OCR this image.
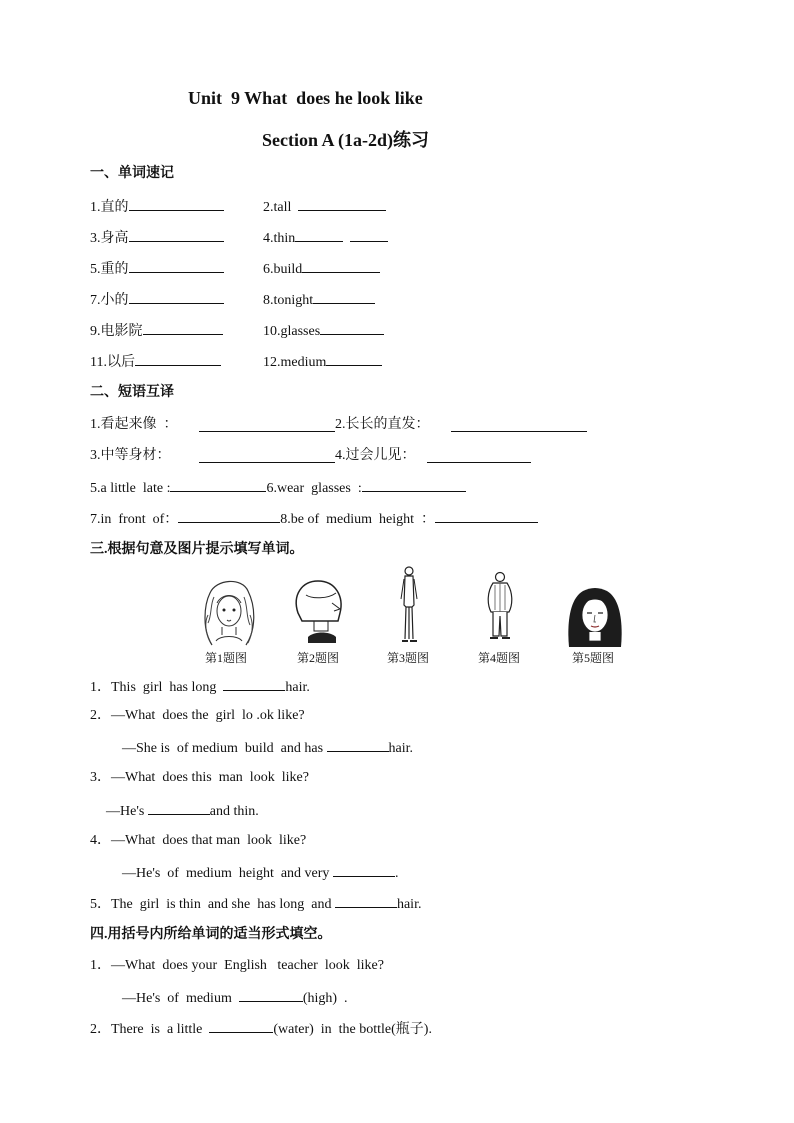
Unit  9 What  does he look like
Section A (1a-2d)练习
一、单词速记
1.直的	2.tall
3.身高	4.thin
5.重的	6.build
7.小的	8.tonight
9.电影院	10.glasses
11.以后	12.medium
二、短语互译
1.看起来像  ：	2.长长的直发：
3.中等身材：	4.过会儿见：
5.a little  late :	6.wear  glasses  :
7.in  front  of：	8.be of  medium  height  ：
三.根据句意及图片提示填写单词。
第1题图	第2题图	第3题图	第4题图	第5题图
1．This  girl  has long	hair.
2．—What  does the  girl  lo .ok like?
—She is  of medium  build  and has	hair.
3．—What  does this  man  look  like?
—He's	and thin.
4．—What  does that man  look  like?
—He's  of  medium  height  and very	.
5．The  girl  is thin  and she  has long  and	hair.
四.用括号内所给单词的适当形式填空。
1．—What  does your  English   teacher  look  like?
—He's  of  medium	(high)  .
2．There  is  a little	(water)  in  the bottle(瓶子).
